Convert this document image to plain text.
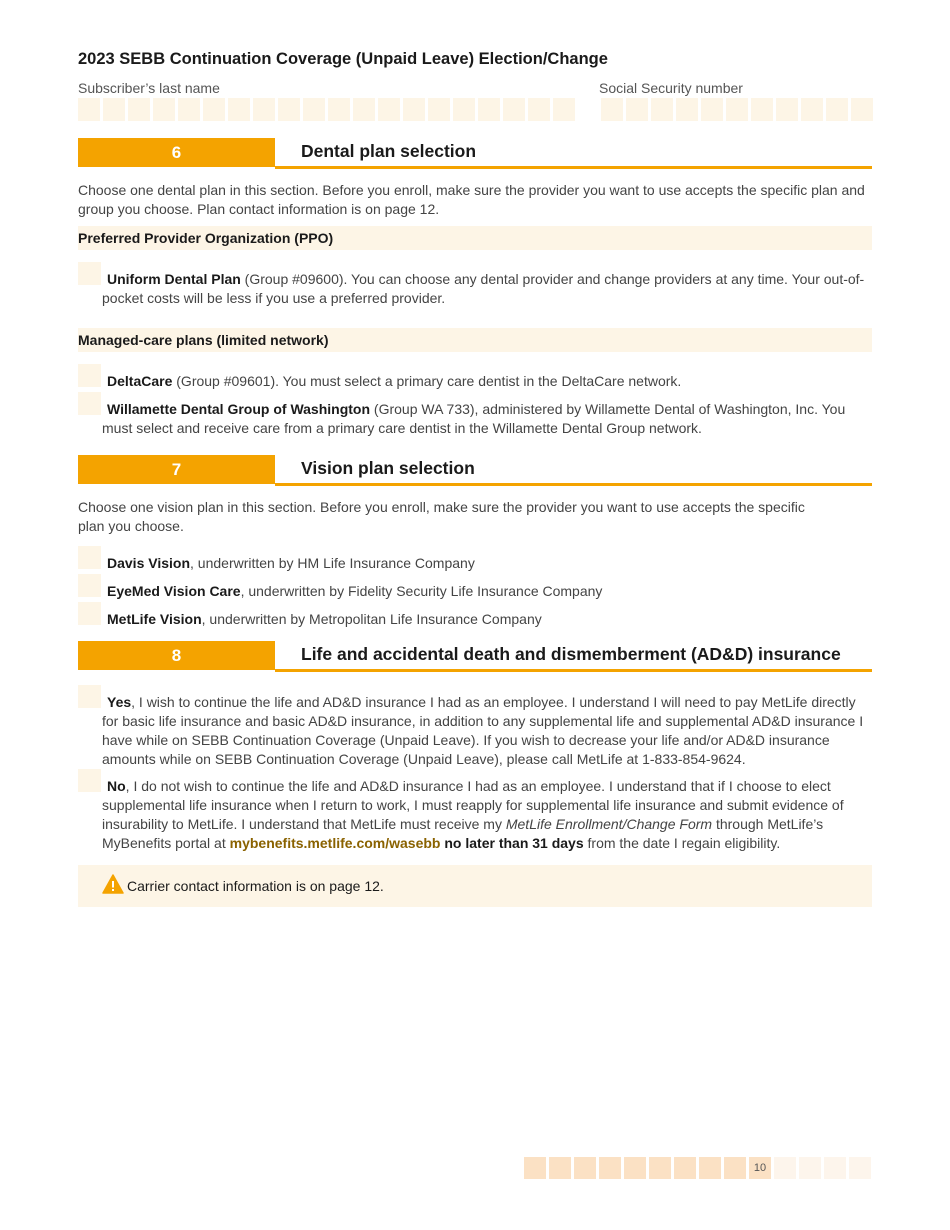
2023 SEBB Continuation Coverage (Unpaid Leave) Election/Change
Subscriber’s last name	Social Security number
6	Dental plan selection
Choose one dental plan in this section. Before you enroll, make sure the provider you want to use accepts the specific plan and group you choose. Plan contact information is on page 12.
Preferred Provider Organization (PPO)
Uniform Dental Plan (Group #09600). You can choose any dental provider and change providers at any time. Your out-of-pocket costs will be less if you use a preferred provider.
Managed-care plans (limited network)
DeltaCare (Group #09601). You must select a primary care dentist in the DeltaCare network.
Willamette Dental Group of Washington (Group WA 733), administered by Willamette Dental of Washington, Inc. You must select and receive care from a primary care dentist in the Willamette Dental Group network.
7	Vision plan selection
Choose one vision plan in this section. Before you enroll, make sure the provider you want to use accepts the specific plan you choose.
Davis Vision, underwritten by HM Life Insurance Company
EyeMed Vision Care, underwritten by Fidelity Security Life Insurance Company
MetLife Vision, underwritten by Metropolitan Life Insurance Company
8	Life and accidental death and dismemberment (AD&D) insurance
Yes, I wish to continue the life and AD&D insurance I had as an employee. I understand I will need to pay MetLife directly for basic life insurance and basic AD&D insurance, in addition to any supplemental life and supplemental AD&D insurance I have while on SEBB Continuation Coverage (Unpaid Leave). If you wish to decrease your life and/or AD&D insurance amounts while on SEBB Continuation Coverage (Unpaid Leave), please call MetLife at 1-833-854-9624.
No, I do not wish to continue the life and AD&D insurance I had as an employee. I understand that if I choose to elect supplemental life insurance when I return to work, I must reapply for supplemental life insurance and submit evidence of insurability to MetLife. I understand that MetLife must receive my MetLife Enrollment/Change Form through MetLife’s MyBenefits portal at mybenefits.metlife.com/wasebb no later than 31 days from the date I regain eligibility.
Carrier contact information is on page 12.
10
